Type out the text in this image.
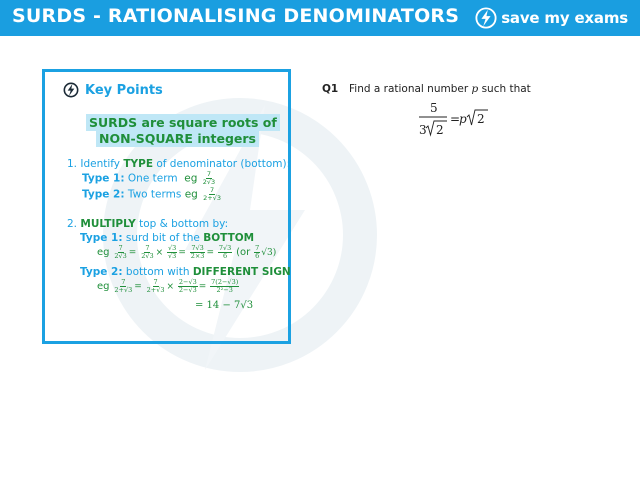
SURDS - RATIONALISING DENOMINATORS	save my exams
Key Points
SURDS are square roots of
NON-SQUARE integers
1. Identify TYPE of denominator (bottom):
Type 1: One term eg $\frac{7}{2√3}$
Type 2: Two terms eg $\frac{7}{2+√3}$
2. MULTIPLY top & bottom by:
Type 1: surd bit of the BOTTOM
eg $\frac{7}{2√3} = \frac{7}{2√3} \times \frac{√3}{√3} = \frac{7√3}{2\times 3} = \frac{7√3}{6} (or \frac{7}{6} √3)$
Type 2: bottom with DIFFERENT SIGN
eg $\frac{7}{2+√3} = \frac{7}{2+√3} \times \frac{2-√3}{2-√3} = \frac{7(2-√3)}{\text{2²−3}}$
= 14 − 7√3
Q1 Find a rational number p such that
5
3 2
=
p 2
